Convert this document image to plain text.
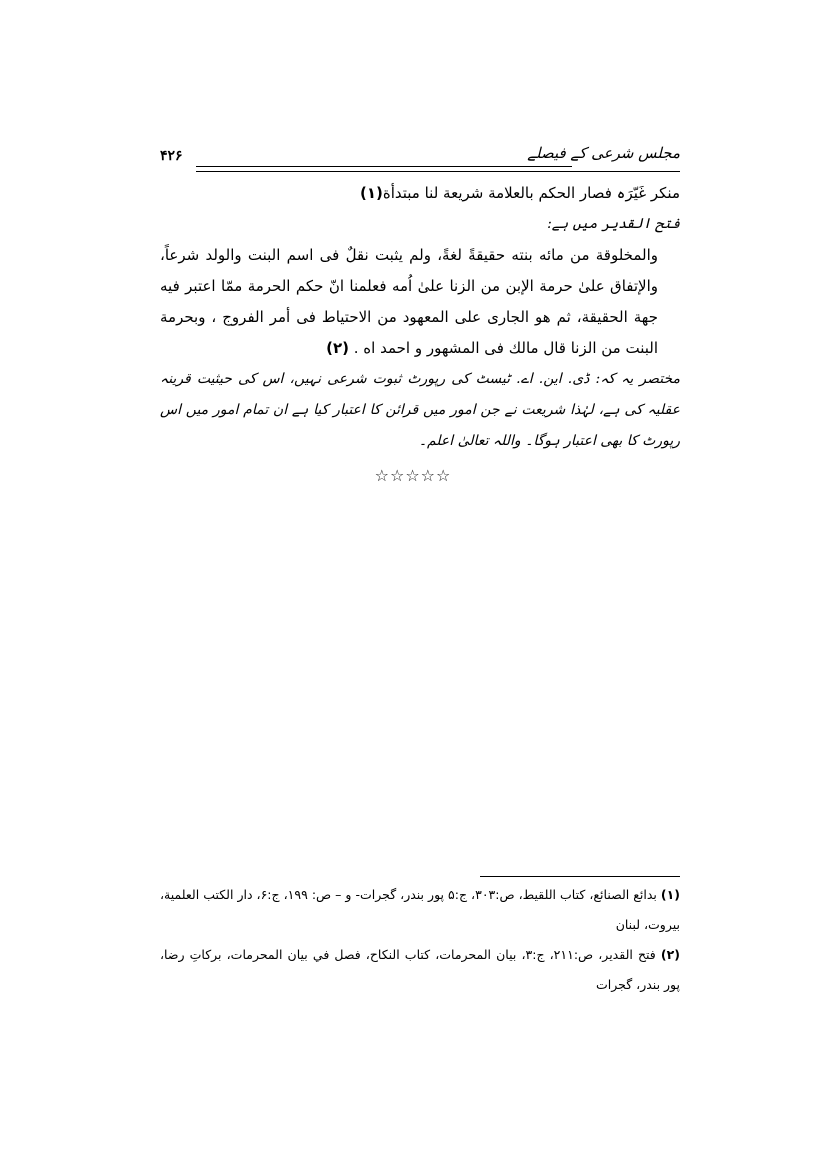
مجلس شرعی کے فیصلے
۴۲۶

منکر غَیّرَہ فصار الحکم بالعلامة شریعة لنا مبتدأة(۱)

فتح القدیر میں ہے:

والمخلوقة من مائه بنته حقیقةً لغةً، ولم یثبت نقلٌ فی اسم البنت والولد شرعاً، والإتفاق علیٰ حرمة الإبن من الزنا علیٰ اُمه فعلمنا انّ حکم الحرمة ممّا اعتبر فیه جهة الحقیقة، ثم هو الجاری علی المعهود من الاحتیاط فی أمر الفروج ، وبحرمة البنت من الزنا قال مالك فی المشهور و احمد اه . (۲)

مختصر یہ کہ: ڈی. این. اے. ٹیسٹ کی رپورٹ ثبوت شرعی نہیں، اس کی حیثیت قرینہ عقلیہ کی ہے، لہٰذا شریعت نے جن امور میں قرائن کا اعتبار کیا ہے ان تمام امور میں اس رپورٹ کا بھی اعتبار ہوگا۔ واللہ تعالیٰ اعلم۔

☆☆☆☆☆

(۱) بدائع الصنائع، کتاب اللقیط، ص:۳۰۳، ج:۵ پور بندر، گجرات- و – ص: ۱۹۹، ج:۶، دار الکتب العلمیة، بیروت، لبنان

(۲) فتح القدیر، ص:۲۱۱، ج:۳، بیان المحرمات، کتاب النکاح، فصل في بیان المحرمات، برکاتِ رضا، پور بندر، گجرات
